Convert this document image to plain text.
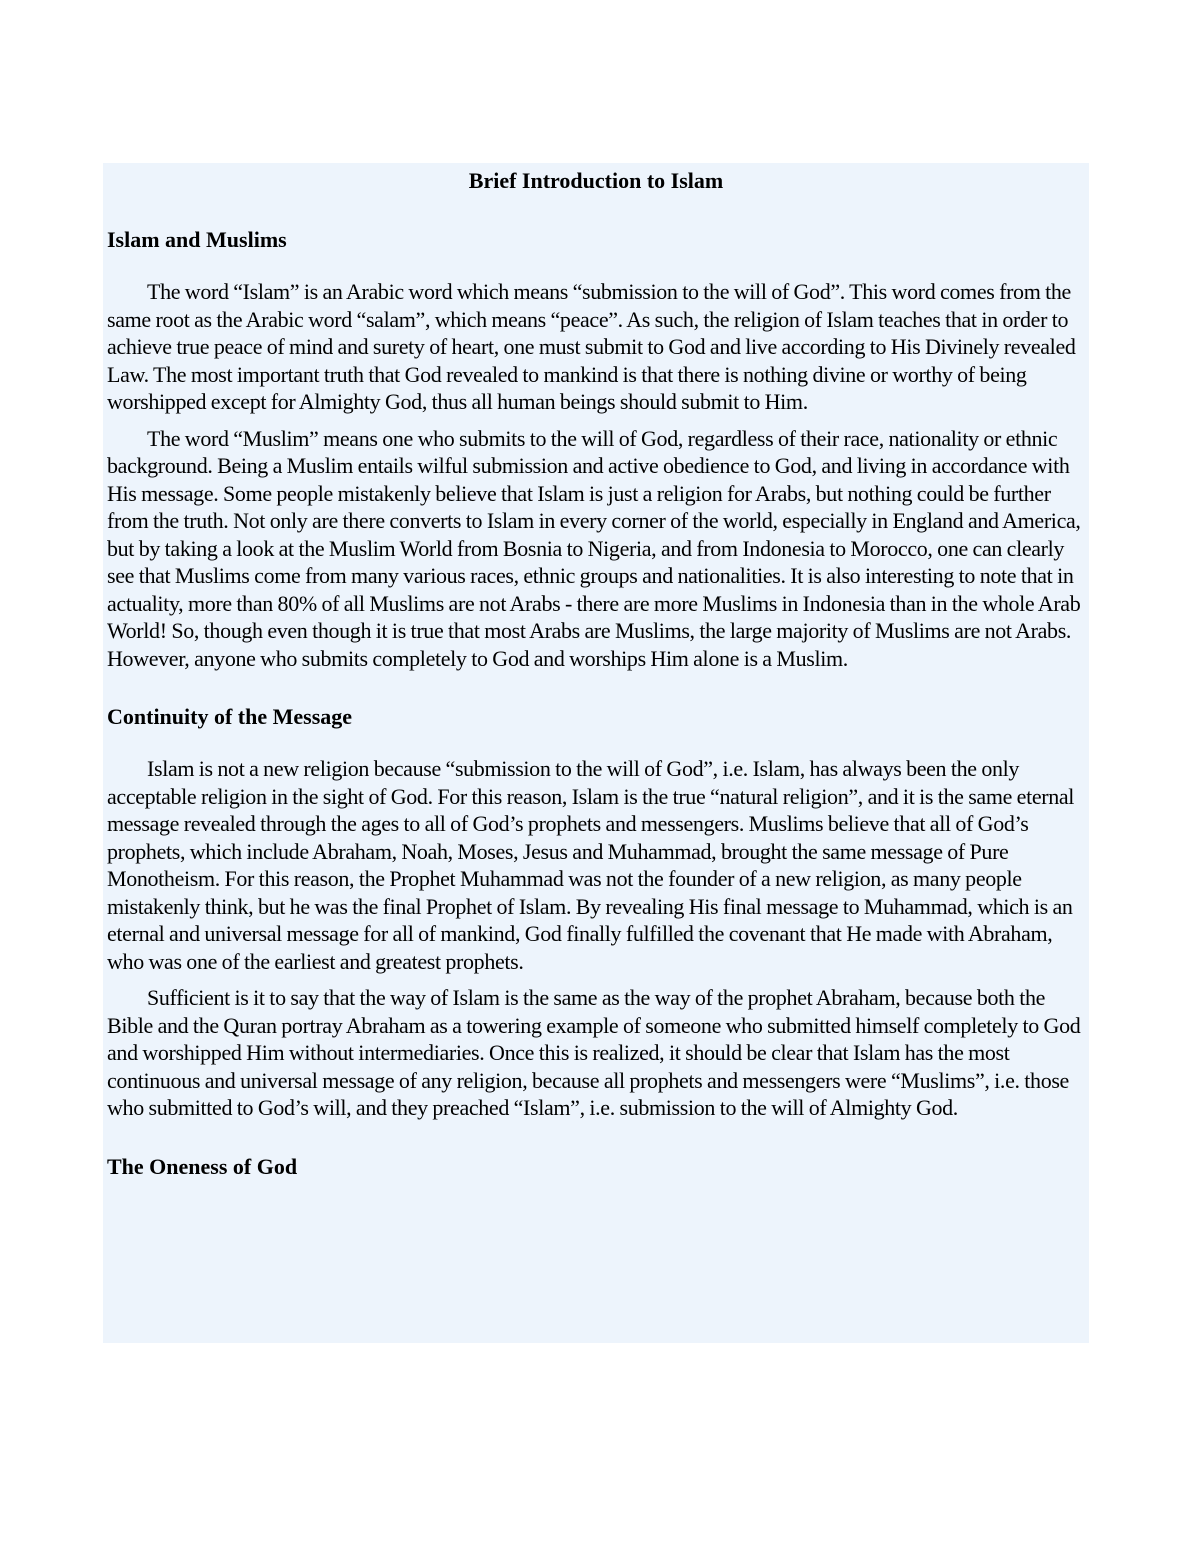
Brief Introduction to Islam
Islam and Muslims

The word “Islam” is an Arabic word which means “submission to the will of God”. This word comes from the same root as the Arabic word “salam”, which means “peace”. As such, the religion of Islam teaches that in order to achieve true peace of mind and surety of heart, one must submit to God and live according to His Divinely revealed Law. The most important truth that God revealed to mankind is that there is nothing divine or worthy of being worshipped except for Almighty God, thus all human beings should submit to Him.

The word “Muslim” means one who submits to the will of God, regardless of their race, nationality or ethnic background. Being a Muslim entails wilful submission and active obedience to God, and living in accordance with His message. Some people mistakenly believe that Islam is just a religion for Arabs, but nothing could be further from the truth. Not only are there converts to Islam in every corner of the world, especially in England and America, but by taking a look at the Muslim World from Bosnia to Nigeria, and from Indonesia to Morocco, one can clearly see that Muslims come from many various races, ethnic groups and nationalities. It is also interesting to note that in actuality, more than 80% of all Muslims are not Arabs - there are more Muslims in Indonesia than in the whole Arab World! So, though even though it is true that most Arabs are Muslims, the large majority of Muslims are not Arabs. However, anyone who submits completely to God and worships Him alone is a Muslim.

Continuity of the Message

Islam is not a new religion because “submission to the will of God”, i.e. Islam, has always been the only acceptable religion in the sight of God. For this reason, Islam is the true “natural religion”, and it is the same eternal message revealed through the ages to all of God’s prophets and messengers. Muslims believe that all of God’s prophets, which include Abraham, Noah, Moses, Jesus and Muhammad, brought the same message of Pure Monotheism. For this reason, the Prophet Muhammad was not the founder of a new religion, as many people mistakenly think, but he was the final Prophet of Islam. By revealing His final message to Muhammad, which is an eternal and universal message for all of mankind, God finally fulfilled the covenant that He made with Abraham, who was one of the earliest and greatest prophets.

Sufficient is it to say that the way of Islam is the same as the way of the prophet Abraham, because both the Bible and the Quran portray Abraham as a towering example of someone who submitted himself completely to God and worshipped Him without intermediaries. Once this is realized, it should be clear that Islam has the most continuous and universal message of any religion, because all prophets and messengers were “Muslims”, i.e. those who submitted to God’s will, and they preached “Islam”, i.e. submission to the will of Almighty God.

The Oneness of God
